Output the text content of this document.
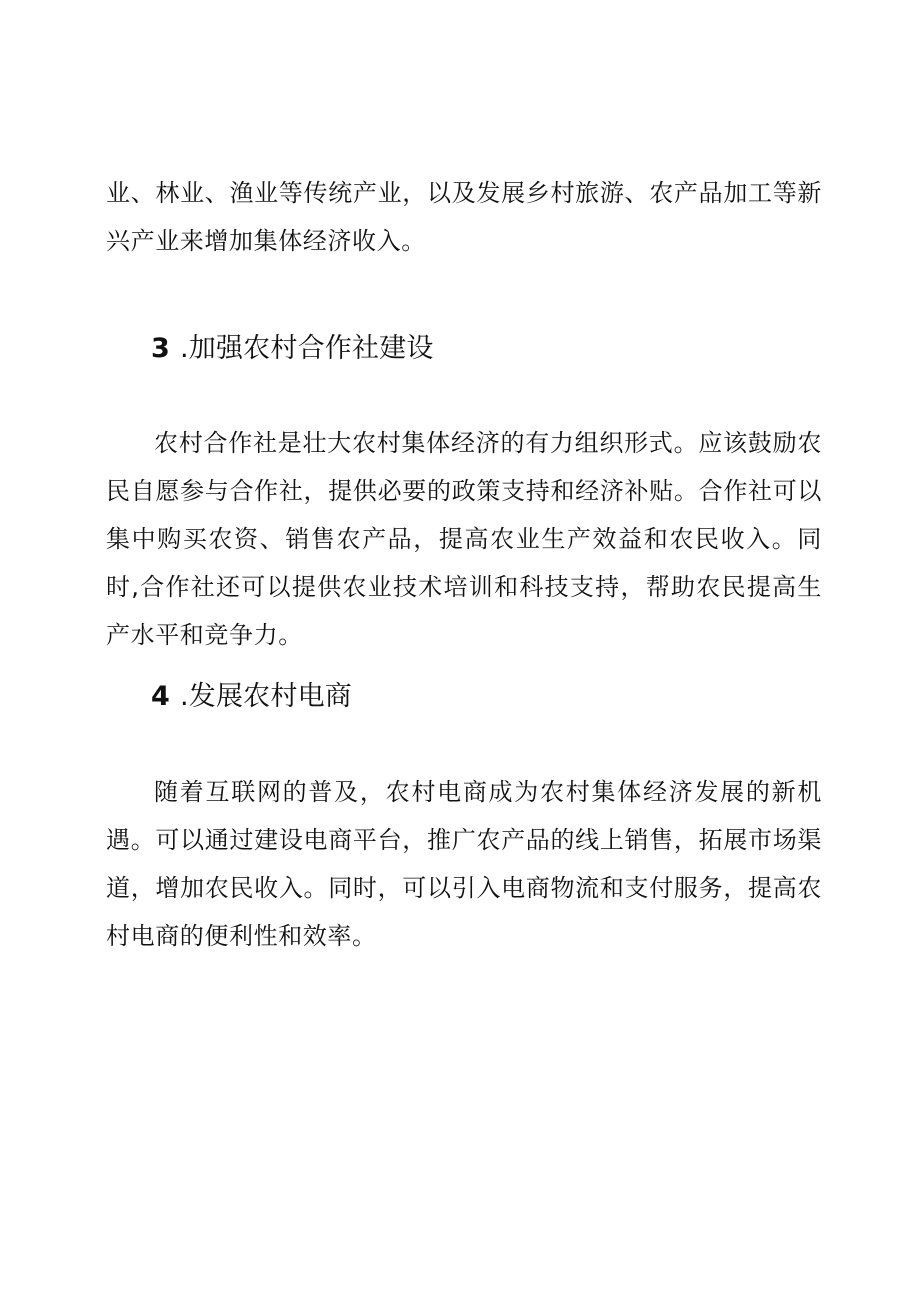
业、林业、渔业等传统产业，以及发展乡村旅游、农产品加工等新兴产业来增加集体经济收入。

3 .加强农村合作社建设

农村合作社是壮大农村集体经济的有力组织形式。应该鼓励农民自愿参与合作社，提供必要的政策支持和经济补贴。合作社可以集中购买农资、销售农产品，提高农业生产效益和农民收入。同时,合作社还可以提供农业技术培训和科技支持，帮助农民提高生产水平和竞争力。

4 .发展农村电商

随着互联网的普及，农村电商成为农村集体经济发展的新机遇。可以通过建设电商平台，推广农产品的线上销售，拓展市场渠道，增加农民收入。同时，可以引入电商物流和支付服务，提高农村电商的便利性和效率。
